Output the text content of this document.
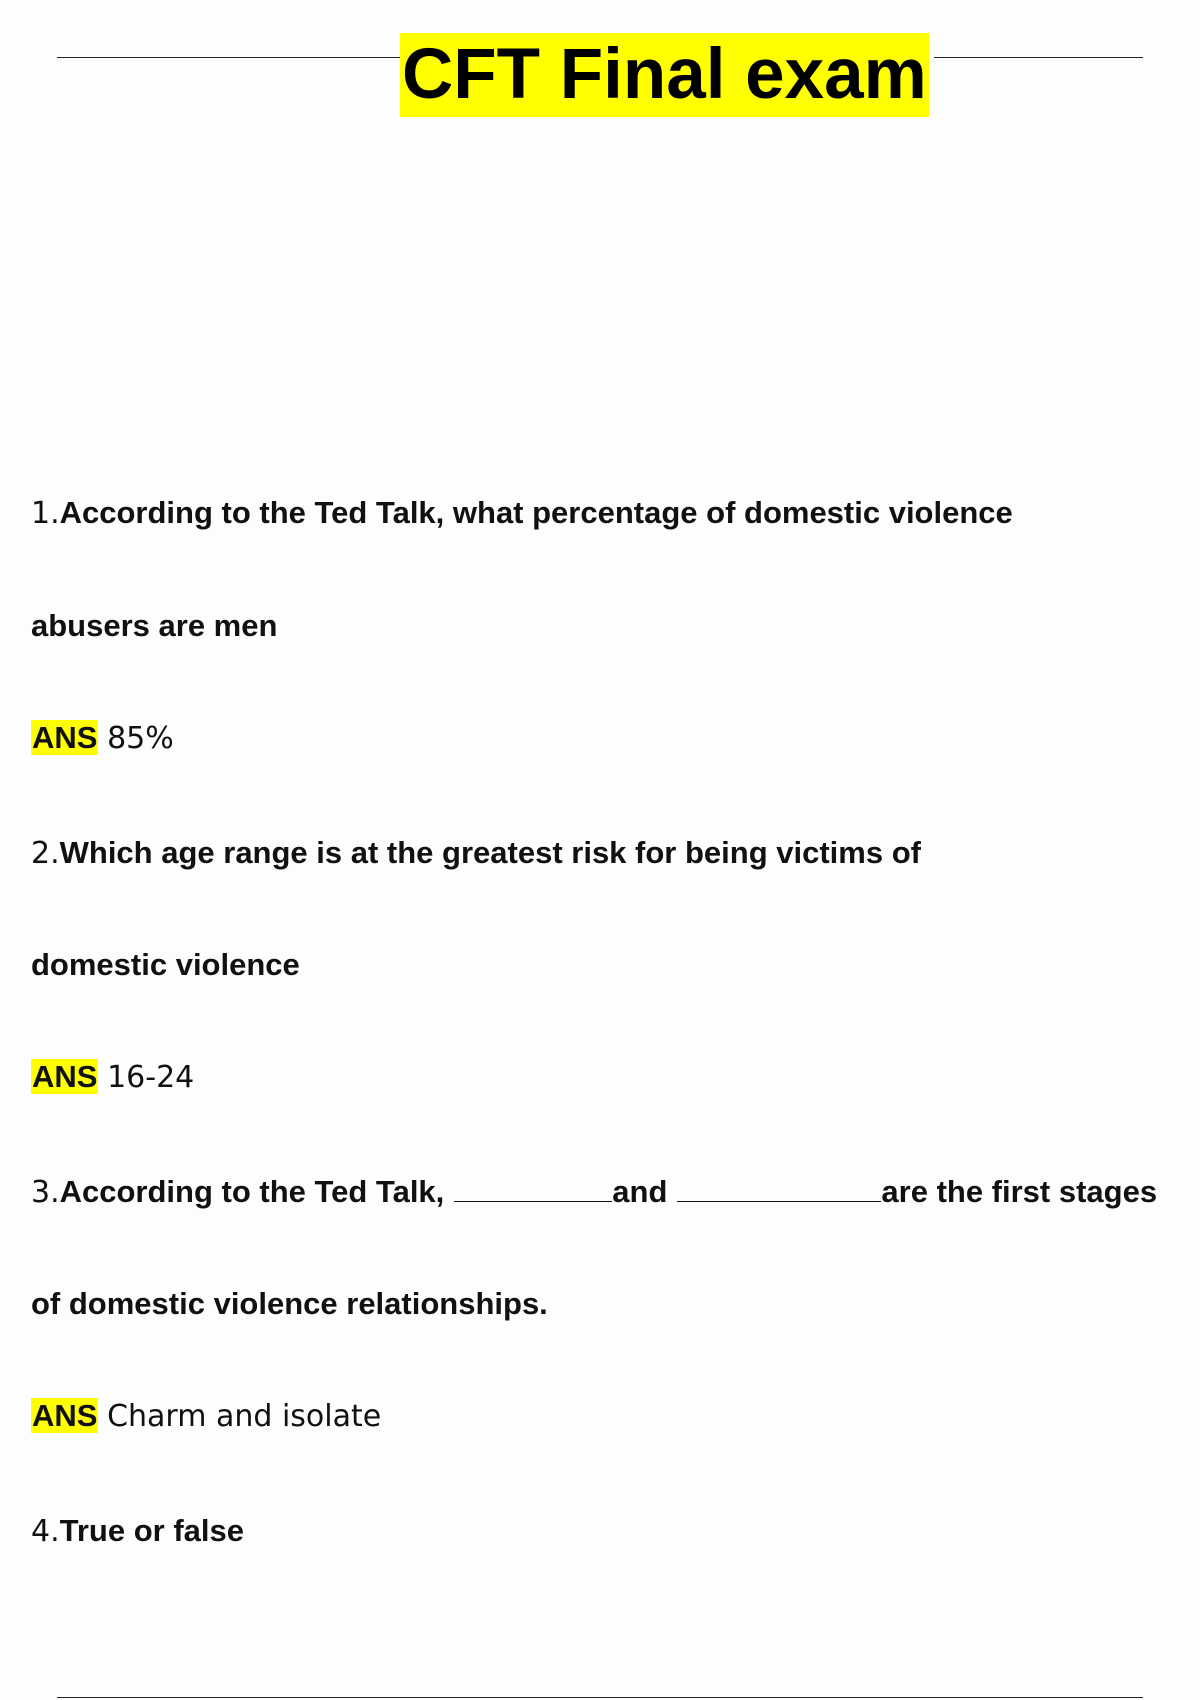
CFT Final exam
1.According to the Ted Talk, what percentage of domestic violence
abusers are men
ANS 85%
2.Which age range is at the greatest risk for being victims of
domestic violence
ANS 16-24
3.According to the Ted Talk,	and	are the first stages
of domestic violence relationships.
ANS Charm and isolate
4.True or false
